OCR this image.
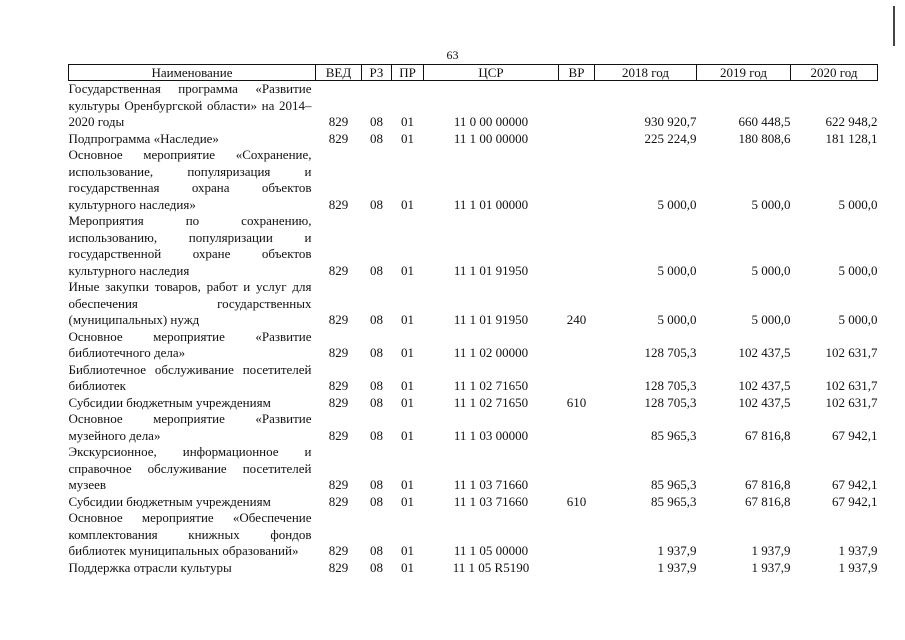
63
Наименование	ВЕД	РЗ	ПР	ЦСР	ВР	2018 год	2019 год	2020 год
Государственная программа «Развитие культуры Оренбургской области» на 2014–2020 годы	829	08	01	11 0 00 00000		930 920,7	660 448,5	622 948,2
Подпрограмма «Наследие»	829	08	01	11 1 00 00000		225 224,9	180 808,6	181 128,1
Основное мероприятие «Сохранение, использование, популяризация и государственная охрана объектов культурного наследия»	829	08	01	11 1 01 00000		5 000,0	5 000,0	5 000,0
Мероприятия по сохранению, использованию, популяризации и государственной охране объектов культурного наследия	829	08	01	11 1 01 91950		5 000,0	5 000,0	5 000,0
Иные закупки товаров, работ и услуг для обеспечения государственных (муниципальных) нужд	829	08	01	11 1 01 91950	240	5 000,0	5 000,0	5 000,0
Основное мероприятие «Развитие библиотечного дела»	829	08	01	11 1 02 00000		128 705,3	102 437,5	102 631,7
Библиотечное обслуживание посетителей библиотек	829	08	01	11 1 02 71650		128 705,3	102 437,5	102 631,7
Субсидии бюджетным учреждениям	829	08	01	11 1 02 71650	610	128 705,3	102 437,5	102 631,7
Основное мероприятие «Развитие музейного дела»	829	08	01	11 1 03 00000		85 965,3	67 816,8	67 942,1
Экскурсионное, информационное и справочное обслуживание посетителей музеев	829	08	01	11 1 03 71660		85 965,3	67 816,8	67 942,1
Субсидии бюджетным учреждениям	829	08	01	11 1 03 71660	610	85 965,3	67 816,8	67 942,1
Основное мероприятие «Обеспечение комплектования книжных фондов библиотек муниципальных образований»	829	08	01	11 1 05 00000		1 937,9	1 937,9	1 937,9
Поддержка отрасли культуры	829	08	01	11 1 05 R5190		1 937,9	1 937,9	1 937,9
